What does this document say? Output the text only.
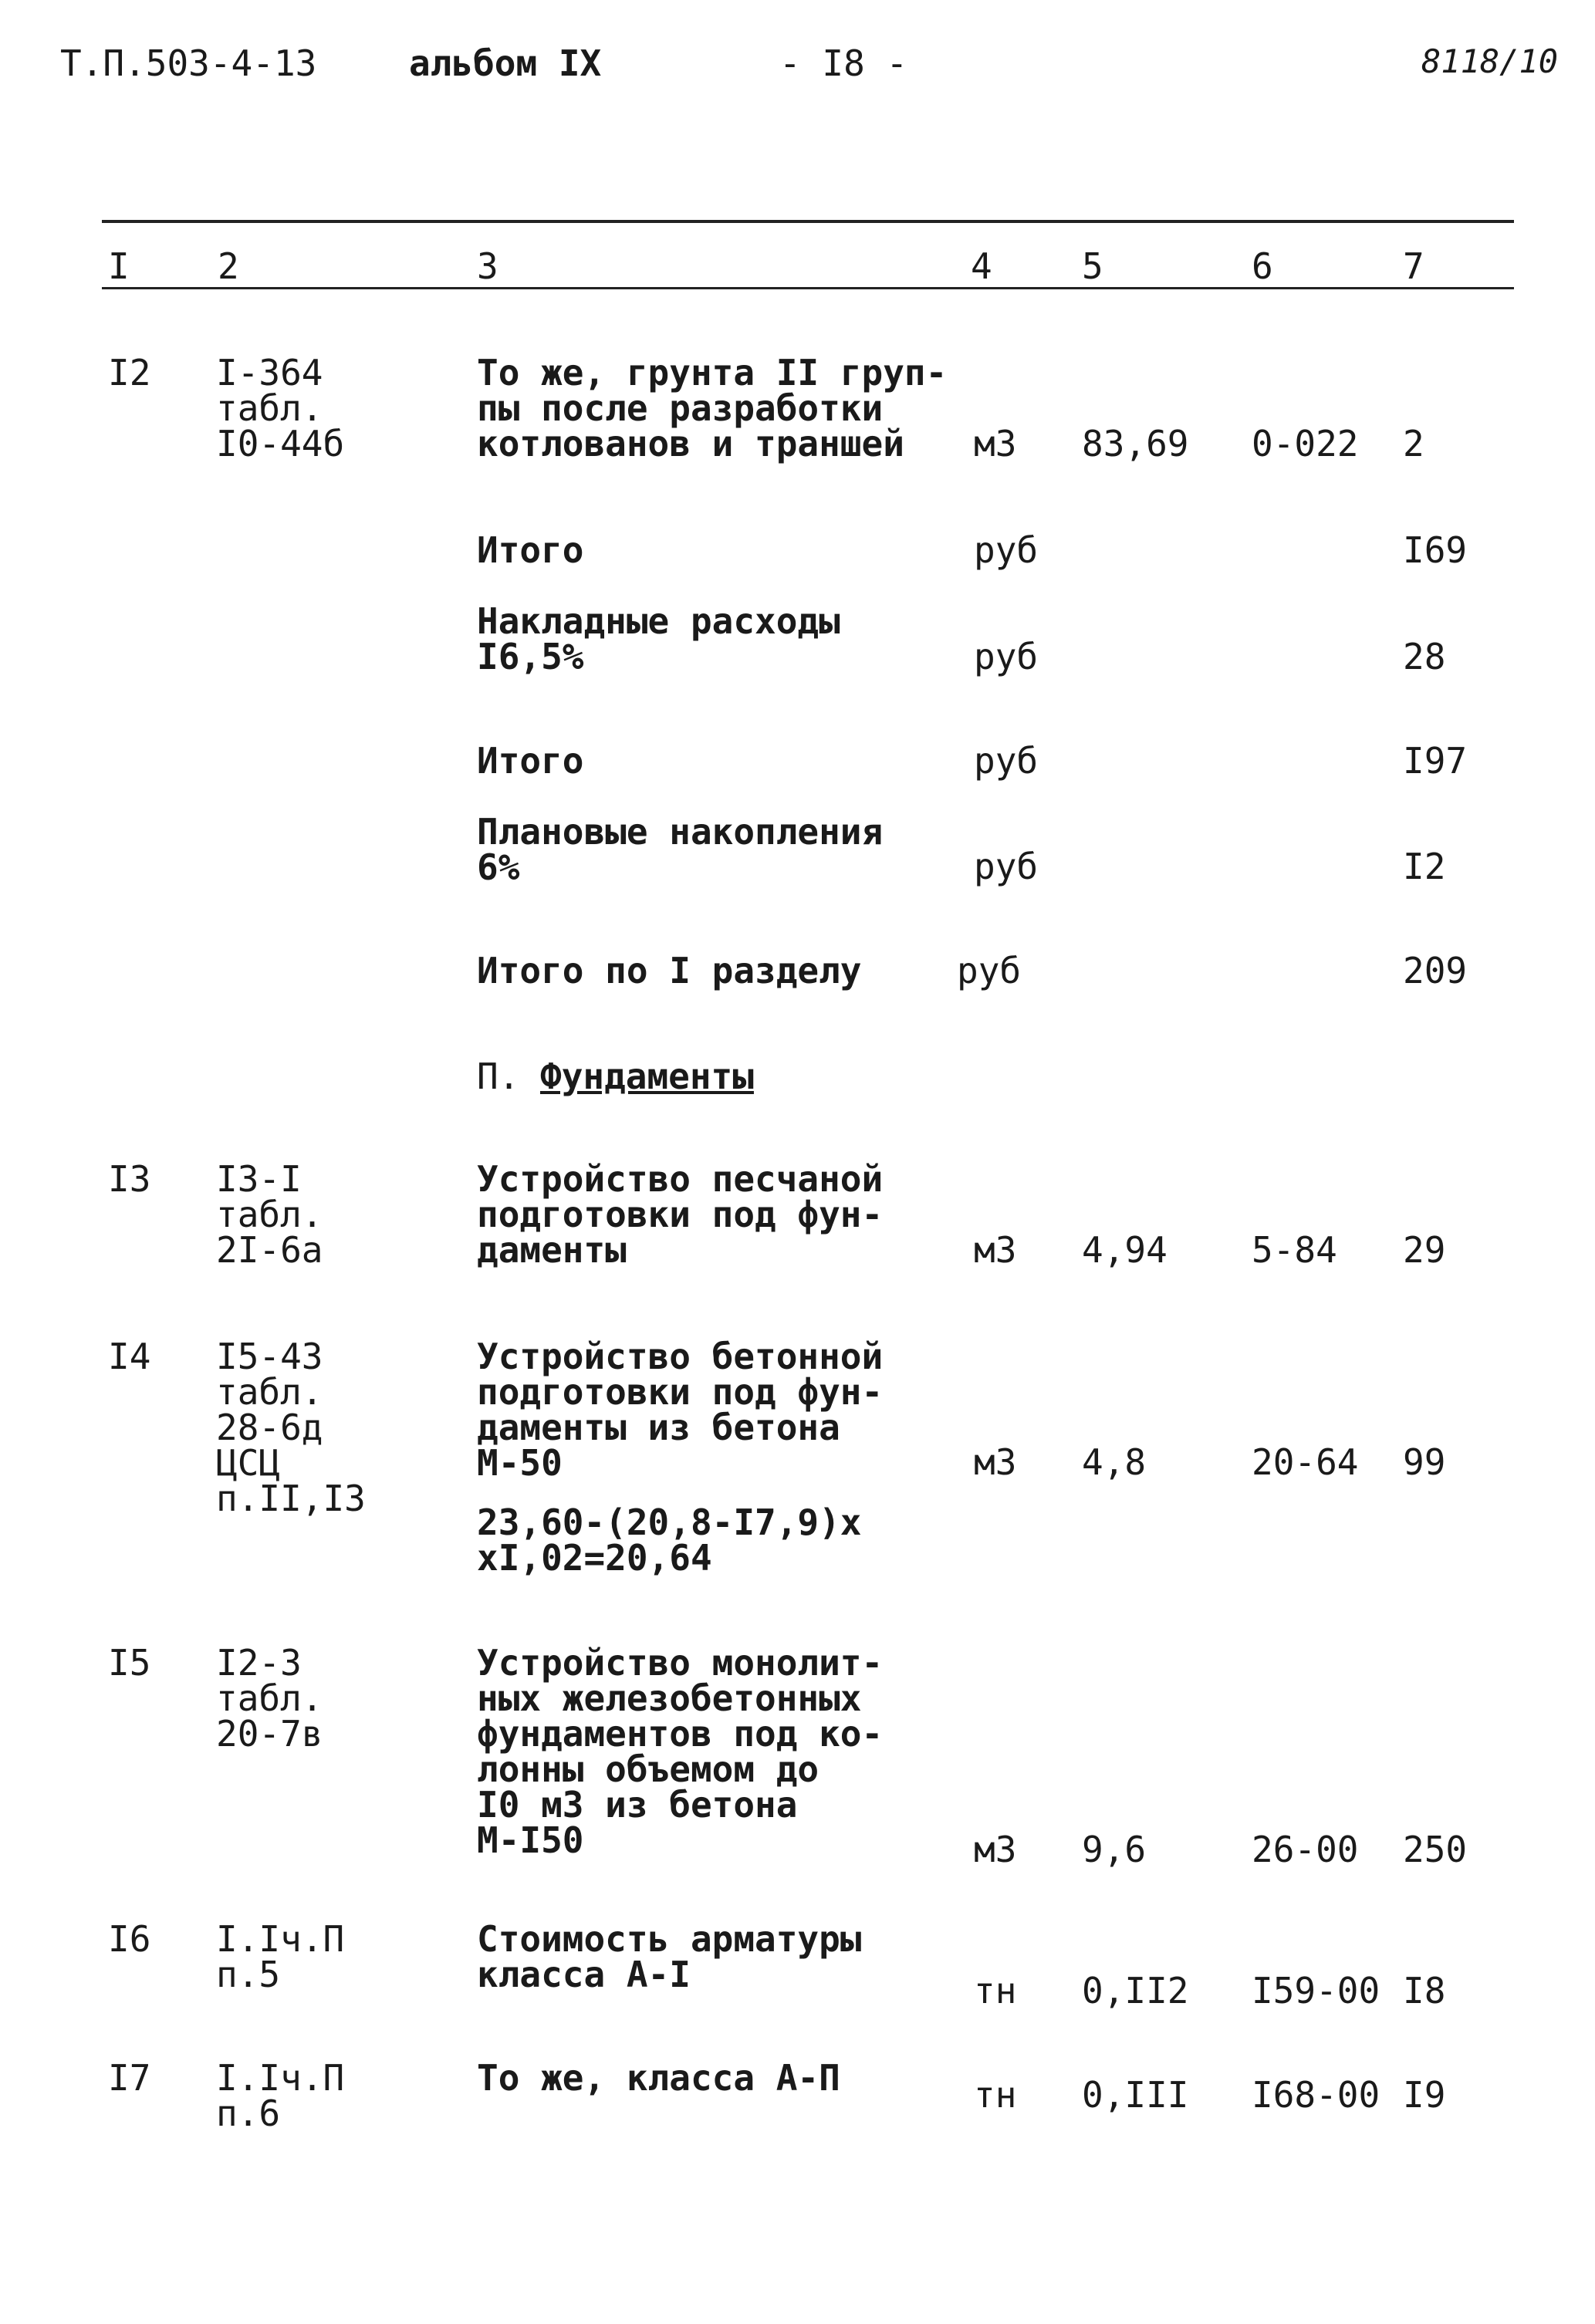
Т.П.503-4-13	альбом IX	- I8 -	8118/10
I 2	3	4	5	6	7
I2 I-364
табл.
I0-44б
То же, грунта II груп-
пы после разработки
котлованов и траншей	м3 83,69 0-022 2
Итого	руб	I69
Накладные расходы
I6,5%	руб	28
Итого	руб	I97
Плановые накопления
6%	руб	I2
Итого по I разделу	руб	209
П. Фундаменты
I3 I3-I
табл.
2I-6а
Устройство песчаной
подготовки под фун-
даменты	м3 4,94 5-84 29
I4 I5-43
табл.
28-6д
ЦСЦ
п.II,I3
Устройство бетонной
подготовки под фун-
даменты из бетона
М-50
23,60-(20,8-I7,9)x
xI,02=20,64
м3 4,8	20-64 99
I5 I2-3
табл.
20-7в
Устройство монолит-
ных железобетонных
фундаментов под ко-
лонны объемом до
I0 м3 из бетона
М-I50	м3 9,6	26-00 250
I6 I.Iч.П
п.5
Стоимость арматуры
класса А-I	тн 0,II2 I59-00 I8
I7 I.Iч.П
п.6
То же, класса А-П	тн 0,III I68-00 I9
